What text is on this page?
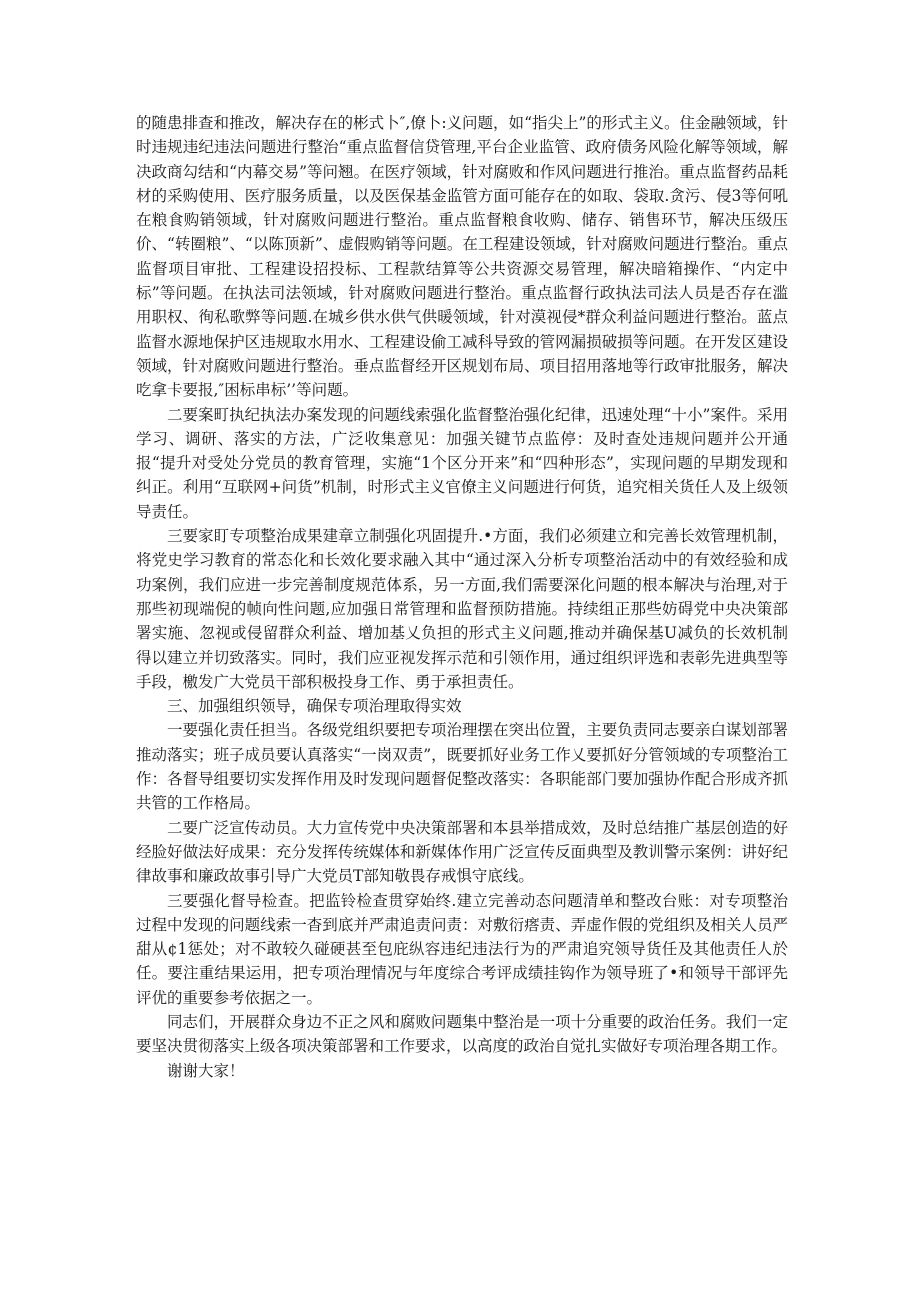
的随患排查和推改，解决存在的彬式卜″,僚卜:义问题，如“指尖上”的形式主义。住金融领域，针时违规违纪违法问题进行整治“重点监督信贷管理,平台企业监管、政府债务风险化解等领域，解决政商勾结和“内幕交易”等问翘。在医疗领域，针对腐败和作风问题进行推治。重点监督药品耗材的采购使用、医疗服务质量，以及医保基金监管方面可能存在的如取、袋取.贪污、侵3等何吼在粮食购销领域，针对腐败问题进行整治。重点监督粮食收购、储存、销售环节，解决压级压价、“转圈粮”、“以陈顶新”、虚假购销等问题。在工程建设领域，针对腐败问题进行整治。重点监督项目审批、工程建设招投标、工程款结算等公共资源交易管理，解决暗箱操作、“内定中标”等问题。在执法司法领域，针对腐败问题进行整治。重点监督行政执法司法人员是否存在滥用职权、徇私歌弊等问题.在城乡供水供气供暖领域，针对漠视侵*群众利益问题进行整治。蓝点监督水源地保护区违规取水用水、工程建设偷工减科导致的管网漏损破损等问题。在开发区建设领域，针对腐败问题进行整治。垂点监督经开区规划布局、项目招用落地等行政审批服务，解决吃拿卡要报,″困标串标’’等问题。

二要案町执纪执法办案发现的问题线索强化监督整治强化纪律，迅速处理“十小”案件。采用学习、调研、落实的方法，广泛收集意见：加强关键节点监停：及时查处违规问题并公开通报“提升对受处分党员的教育管理，实施“1个区分开来”和“四种形态”，实现问题的早期发现和纠正。利用“互联网+问货”机制，时形式主义官僚主义问题进行何货，追究相关货任人及上级领导责任。

三要家盯专项整治成果建章立制强化巩固提升.•方面，我们必须建立和完善长效管理机制，将党史学习教育的常态化和长效化要求融入其中“通过深入分析专项整治活动中的有效经验和成功案例，我们应进一步完善制度规范体系，另一方面,我们需要深化问题的根本解决与治理,对于那些初现端倪的帧向性问题,应加强日常管理和监督预防措施。持续组正那些妨碍党中央决策部署实施、忽视或侵留群众利益、增加基乂负担的形式主义问题,推动并确保基U减负的长效机制得以建立并切致落实。同时，我们应亚视发挥示范和引领作用，通过组织评选和表彰先进典型等手段，檄发广大党员干部积极投身工作、勇于承担责任。

三、加强组织领导，确保专项治理取得实效

一要强化责任担当。各级党组织要把专项治理摆在突出位置，主要负责同志要亲白谋划部署推动落实；班子成员要认真落实“一岗双责”，既要抓好业务工作乂要抓好分管领域的专项整治工作：各督导组要切实发挥作用及时发现问题督促整改落实：各职能部门要加强协作配合形成齐抓共管的工作格局。

二要广泛宣传动员。大力宣传党中央决策部署和本县举措成效，及时总结推广基层创造的好经脸好做法好成果：充分发挥传统媒体和新媒体作用广泛宣传反面典型及教训警示案例：讲好纪律故事和廉政故事引导广大党员T部知敬畏存戒惧守底线。

三要强化督导检查。把监铃检查贯穿始终.建立完善动态问题清单和整改台账：对专项整治过程中发现的问题线索一杳到底并严肃追责问责：对敷衍瘩责、弄虚作假的党组织及相关人员严甜从¢1惩处；对不敢较久碰硬甚至包庇纵容违纪违法行为的严肃追究领导货任及其他责任人於任。要注重结果运用，把专项治理情况与年度综合考评成绩挂钩作为领导班了•和领导干部评先评优的重要参考依据之一。

同志们，开展群众身边不正之风和腐败问题集中整治是一项十分重要的政治任务。我们一定要坚决贯彻落实上级各项决策部署和工作要求，以高度的政治自觉扎实做好专项治理各期工作。

谢谢大家！
